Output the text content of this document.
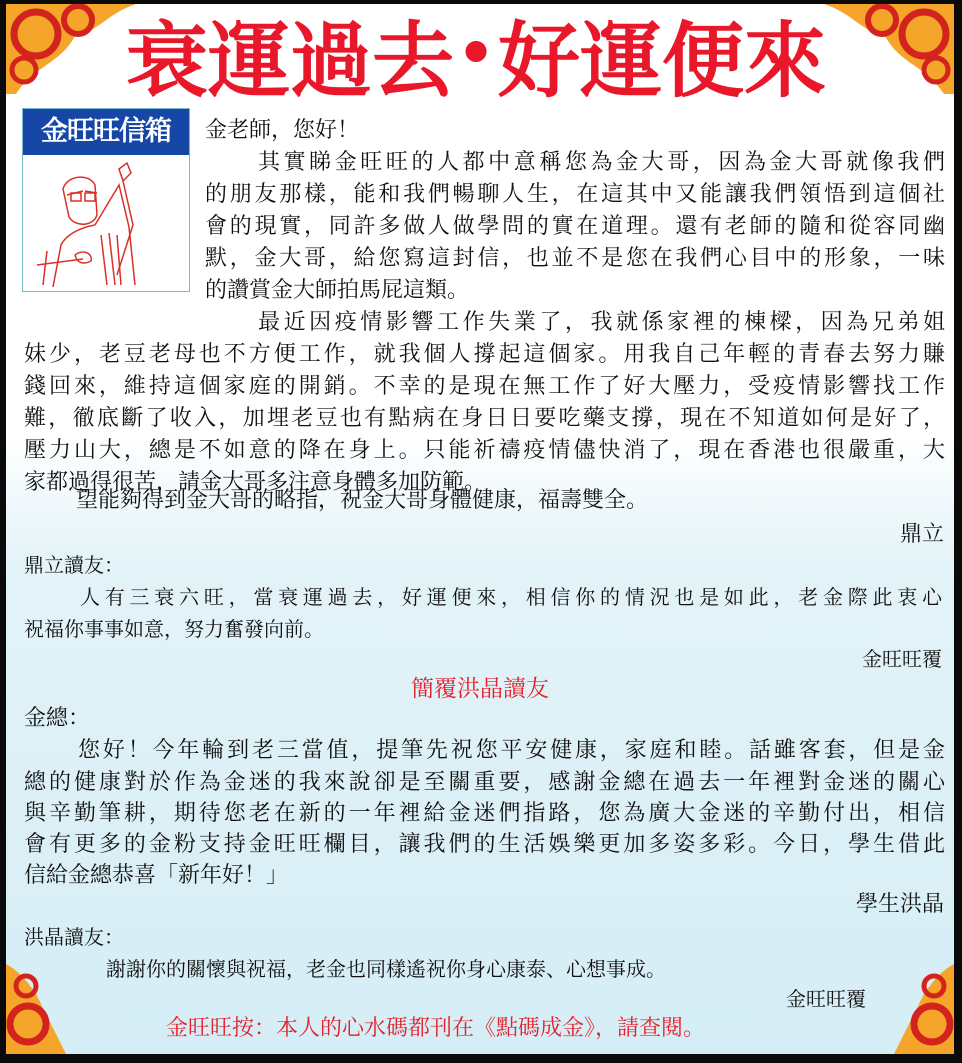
衰運過去 • 好運便來
金旺旺信箱	金老師，您好！
其實睇金旺旺的人都中意稱您為金大哥，因為金大哥就像我們
的朋友那樣，能和我們暢聊人生，在這其中又能讓我們領悟到這個社
會的現實，同許多做人做學問的實在道理。還有老師的隨和從容同幽
默，金大哥，給您寫這封信，也並不是您在我們心目中的形象，一味
的讚賞金大師拍馬屁這類。
最近因疫情影響工作失業了，我就係家裡的棟樑，因為兄弟姐
妹少，老豆老母也不方便工作，就我個人撐起這個家。用我自己年輕的青春去努力賺
錢回來，維持這個家庭的開銷。不幸的是現在無工作了好大壓力，受疫情影響找工作
難，徹底斷了收入，加埋老豆也有點病在身日日要吃藥支撐，現在不知道如何是好了，
壓力山大，總是不如意的降在身上。只能祈禱疫情儘快消了，現在香港也很嚴重，大
家都過得很苦，請金大哥多注意身體多加防範。
望能夠得到金大哥的略指，祝金大哥身體健康，福壽雙全。
鼎立
鼎立讀友：
人有三衰六旺，當衰運過去，好運便來，相信你的情況也是如此，老金際此衷心
祝福你事事如意，努力奮發向前。
金旺旺覆
簡覆洪晶讀友
金總：
您好！今年輪到老三當值，提筆先祝您平安健康，家庭和睦。話雖客套，但是金
總的健康對於作為金迷的我來說卻是至關重要，感謝金總在過去一年裡對金迷的關心
與辛勤筆耕，期待您老在新的一年裡給金迷們指路，您為廣大金迷的辛勤付出，相信
會有更多的金粉支持金旺旺欄目，讓我們的生活娛樂更加多姿多彩。今日，學生借此
信給金總恭喜「新年好！」
學生洪晶
洪晶讀友：
謝謝你的關懷與祝福，老金也同樣遙祝你身心康泰、心想事成。
金旺旺覆
金旺旺按：本人的心水碼都刊在《點碼成金》，請查閱。
